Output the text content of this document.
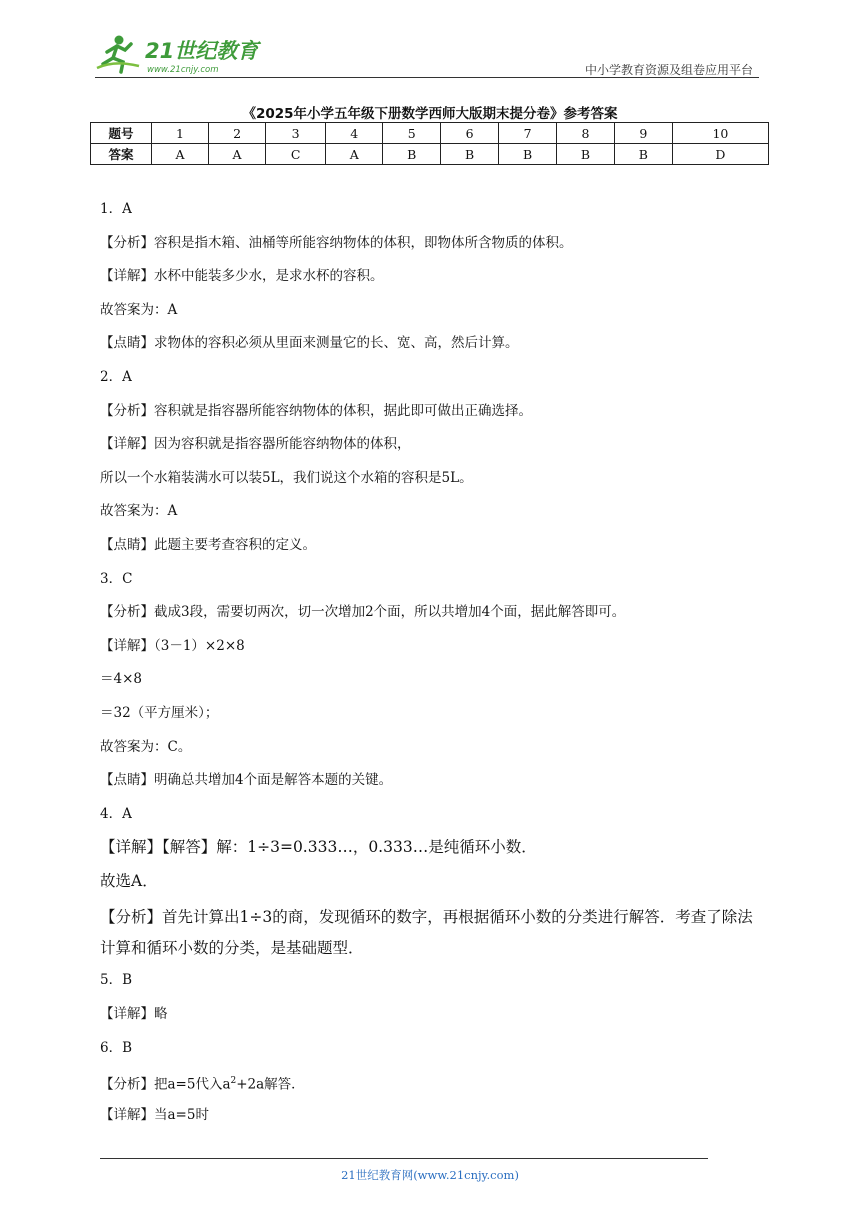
21世纪教育
www.21cnjy.com	中小学教育资源及组卷应用平台
《2025年小学五年级下册数学西师大版期末提分卷》参考答案
题号	1	2	3	4	5	6	7	8	9	10
答案	A	A	C	A	B	B	B	B	B	D
1．A
【分析】容积是指木箱、油桶等所能容纳物体的体积，即物体所含物质的体积。
【详解】水杯中能装多少水，是求水杯的容积。
故答案为：A
【点睛】求物体的容积必须从里面来测量它的长、宽、高，然后计算。
2．A
【分析】容积就是指容器所能容纳物体的体积，据此即可做出正确选择。
【详解】因为容积就是指容器所能容纳物体的体积，
所以一个水箱装满水可以装5L，我们说这个水箱的容积是5L。
故答案为：A
【点睛】此题主要考查容积的定义。
3．C
【分析】截成3段，需要切两次，切一次增加2个面，所以共增加4个面，据此解答即可。
【详解】（3－1）×2×8
＝4×8
＝32（平方厘米）；
故答案为：C。
【点睛】明确总共增加4个面是解答本题的关键。
4．A
【详解】【解答】解：1÷3=0.333…，0.333…是纯循环小数．
故选A．
【分析】首先计算出1÷3的商，发现循环的数字，再根据循环小数的分类进行解答．考查了除法计算和循环小数的分类，是基础题型．
5．B
【详解】略
6．B
【分析】把a=5代入$a^2+2a$解答．
【详解】当a=5时
21世纪教育网(www.21cnjy.com)
